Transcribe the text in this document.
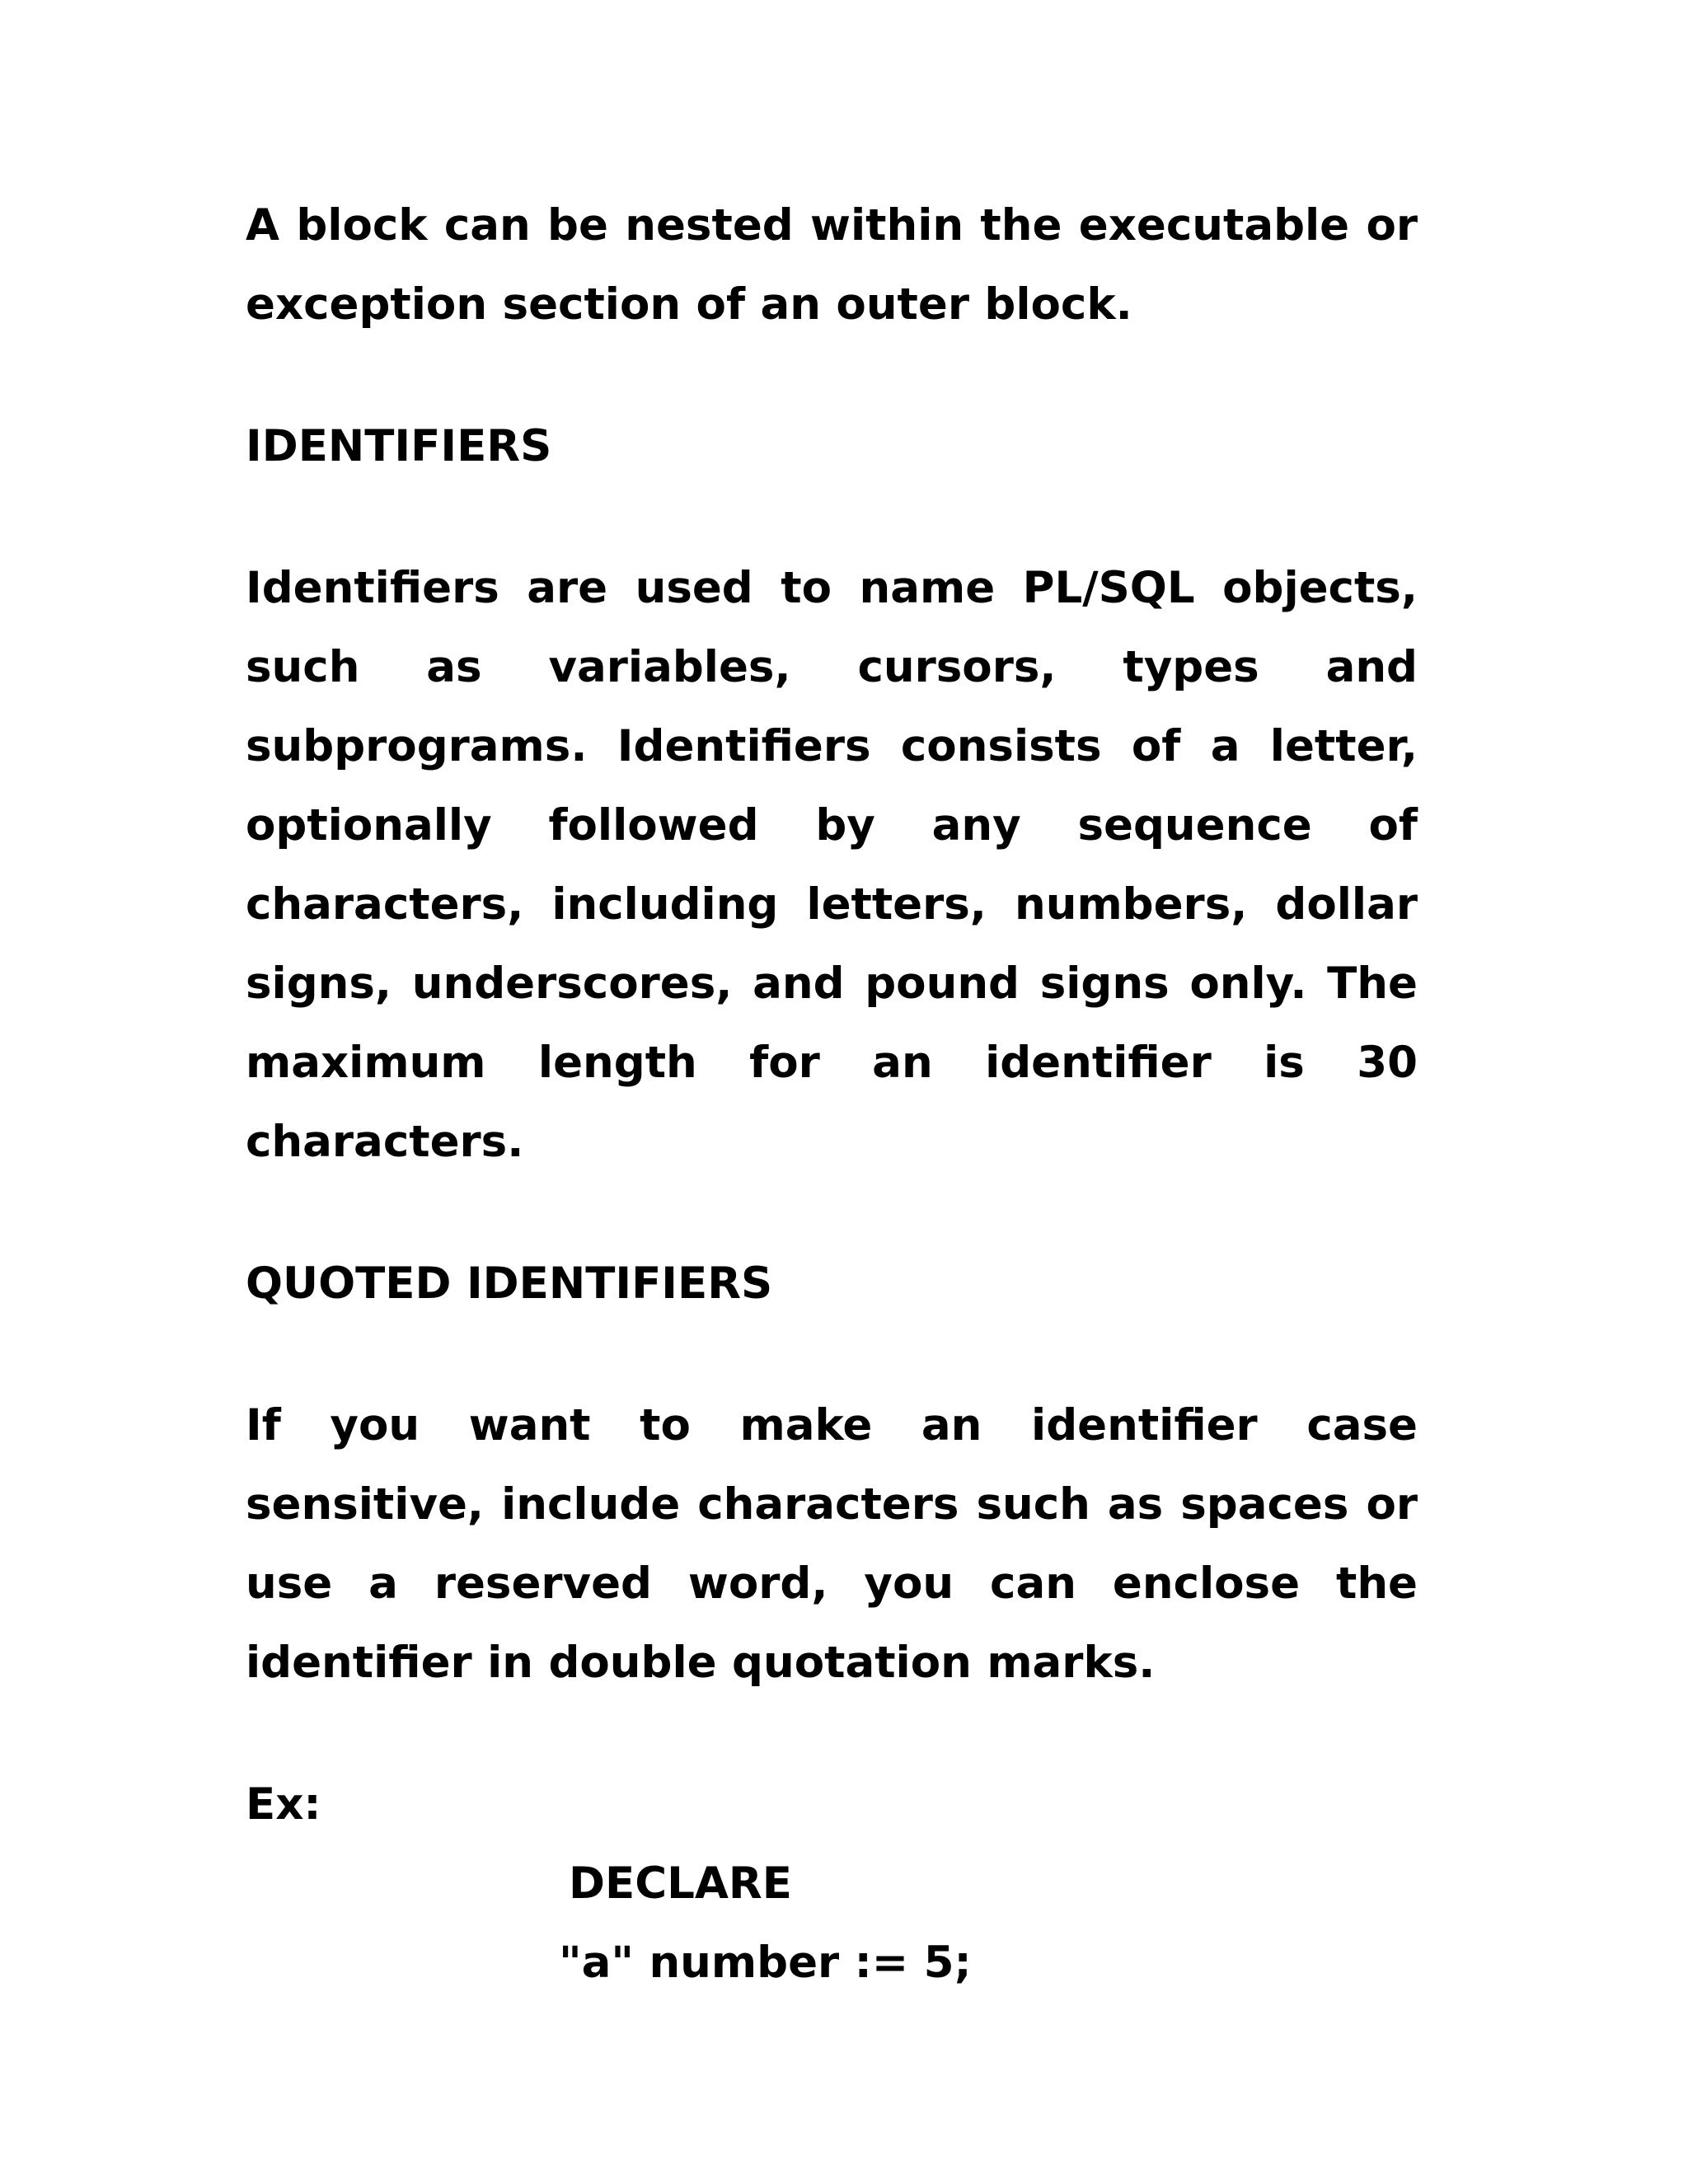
A block can be nested within the executable or exception section of an outer block.

IDENTIFIERS

Identifiers are used to name PL/SQL objects, such as variables, cursors, types and subprograms. Identifiers consists of a letter, optionally followed by any sequence of characters, including letters, numbers, dollar signs, underscores, and pound signs only. The maximum length for an identifier is 30 characters.

QUOTED IDENTIFIERS

If you want to make an identifier case sensitive, include characters such as spaces or use a reserved word, you can enclose the identifier in double quotation marks.

Ex:

DECLARE

"a" number := 5;
